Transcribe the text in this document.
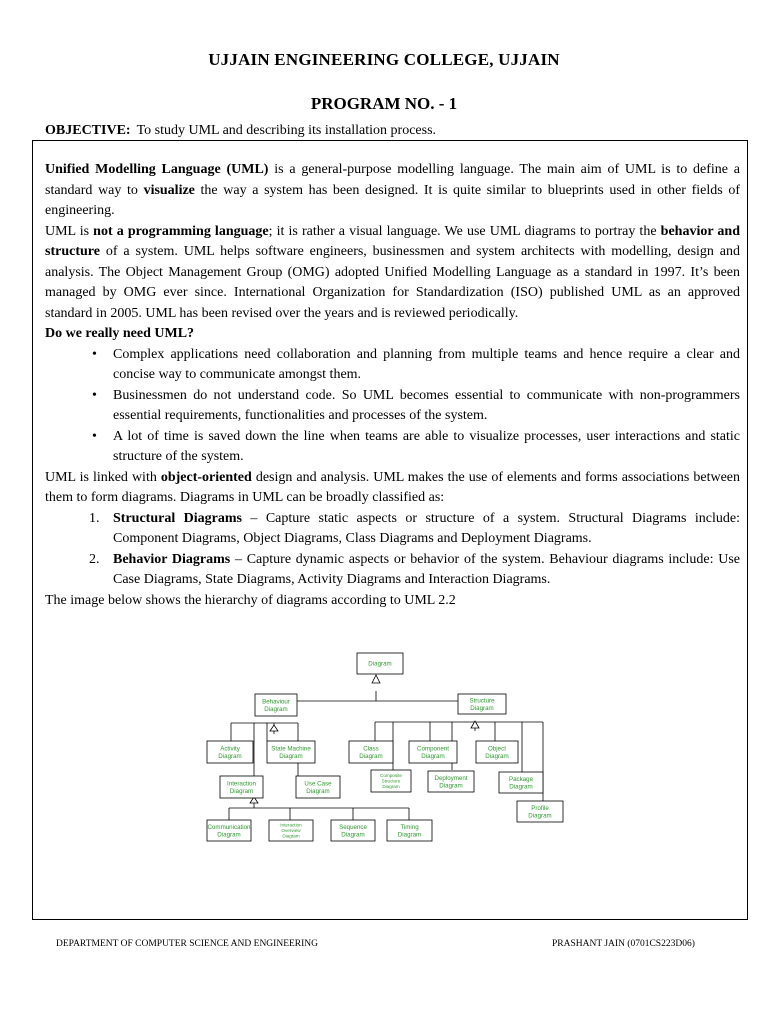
UJJAIN ENGINEERING COLLEGE, UJJAIN
PROGRAM NO. - 1
OBJECTIVE: To study UML and describing its installation process.

Unified Modelling Language (UML) is a general-purpose modelling language. The main aim of UML is to define a standard way to visualize the way a system has been designed. It is quite similar to blueprints used in other fields of engineering.

UML is not a programming language; it is rather a visual language. We use UML diagrams to portray the behavior and structure of a system. UML helps software engineers, businessmen and system architects with modelling, design and analysis. The Object Management Group (OMG) adopted Unified Modelling Language as a standard in 1997. It’s been managed by OMG ever since. International Organization for Standardization (ISO) published UML as an approved standard in 2005. UML has been revised over the years and is reviewed periodically.

Do we really need UML?

• Complex applications need collaboration and planning from multiple teams and hence require a clear and concise way to communicate amongst them.
• Businessmen do not understand code. So UML becomes essential to communicate with non-programmers essential requirements, functionalities and processes of the system.
• A lot of time is saved down the line when teams are able to visualize processes, user interactions and static structure of the system.

UML is linked with object-oriented design and analysis. UML makes the use of elements and forms associations between them to form diagrams. Diagrams in UML can be broadly classified as:

1. Structural Diagrams – Capture static aspects or structure of a system. Structural Diagrams include: Component Diagrams, Object Diagrams, Class Diagrams and Deployment Diagrams.
2. Behavior Diagrams – Capture dynamic aspects or behavior of the system. Behaviour diagrams include: Use Case Diagrams, State Diagrams, Activity Diagrams and Interaction Diagrams.

The image below shows the hierarchy of diagrams according to UML 2.2

Diagram
Behaviour
Diagram
Structure
Diagram
Activity
Diagram
State Machine
Diagram
Interaction
Diagram
Use Case
Diagram
Communication
Diagram
Interaction
Overview
Diagram
Sequence
Diagram
Timing
Diagram
Class
Diagram
Component
Diagram
Object
Diagram
Composite
Structure
Diagram
Deployment
Diagram
Package
Diagram
Profile
Diagram
DEPARTMENT OF COMPUTER SCIENCE AND ENGINEERING	PRASHANT JAIN (0701CS223D06)
